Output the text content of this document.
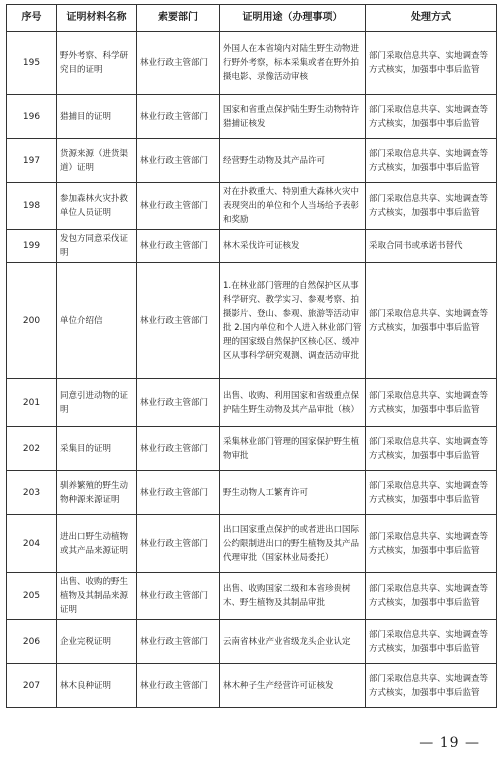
序号	证明材料名称	索要部门	证明用途（办理事项）	处理方式
195	野外考察、科学研究目的证明	林业行政主管部门	外国人在本省境内对陆生野生动物进行野外考察，标本采集或者在野外拍摄电影、录像活动审核	部门采取信息共享、实地调查等方式核实，加强事中事后监管
196	猎捕目的证明	林业行政主管部门	国家和省重点保护陆生野生动物特许猎捕证核发	部门采取信息共享、实地调查等方式核实，加强事中事后监管
197	货源来源（进货渠道）证明	林业行政主管部门	经营野生动物及其产品许可	部门采取信息共享、实地调查等方式核实，加强事中事后监管
198	参加森林火灾扑救单位人员证明	林业行政主管部门	对在扑救重大、特别重大森林火灾中表现突出的单位和个人当场给予表彰和奖励	部门采取信息共享、实地调查等方式核实，加强事中事后监管
199	发包方同意采伐证明	林业行政主管部门	林木采伐许可证核发	采取合同书或承诺书替代
200	单位介绍信	林业行政主管部门	1.在林业部门管理的自然保护区从事科学研究、教学实习、参观考察、拍摄影片、登山、参观、旅游等活动审批 2.国内单位和个人进入林业部门管理的国家级自然保护区核心区、缓冲区从事科学研究观测、调查活动审批	部门采取信息共享、实地调查等方式核实，加强事中事后监管
201	同意引进动物的证明	林业行政主管部门	出售、收购、利用国家和省级重点保护陆生野生动物及其产品审批（核）	部门采取信息共享、实地调查等方式核实，加强事中事后监管
202	采集目的证明	林业行政主管部门	采集林业部门管理的国家保护野生植物审批	部门采取信息共享、实地调查等方式核实，加强事中事后监管
203	驯养繁殖的野生动物种源来源证明	林业行政主管部门	野生动物人工繁育许可	部门采取信息共享、实地调查等方式核实，加强事中事后监管
204	进出口野生动植物或其产品来源证明	林业行政主管部门	出口国家重点保护的或者进出口国际公约限制进出口的野生植物及其产品代理审批（国家林业局委托）	部门采取信息共享、实地调查等方式核实，加强事中事后监管
205	出售、收购的野生植物及其制品来源证明	林业行政主管部门	出售、收购国家二级和本省珍贵树木、野生植物及其制品审批	部门采取信息共享、实地调查等方式核实，加强事中事后监管
206	企业完税证明	林业行政主管部门	云南省林业产业省级龙头企业认定	部门采取信息共享、实地调查等方式核实，加强事中事后监管
207	林木良种证明	林业行政主管部门	林木种子生产经营许可证核发	部门采取信息共享、实地调查等方式核实，加强事中事后监管
— 19 —
